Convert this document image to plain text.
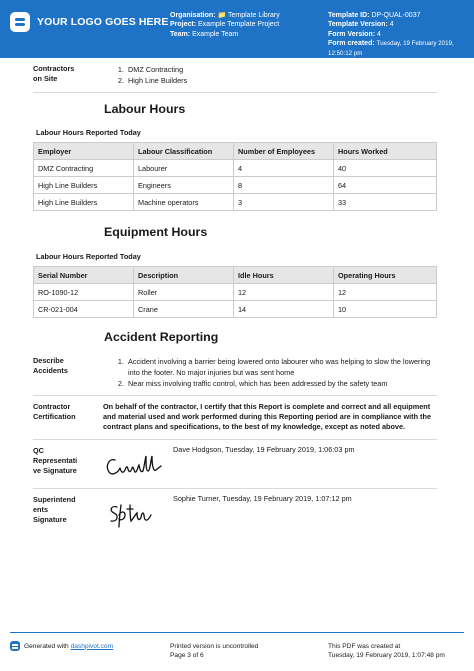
YOUR LOGO GOES HERE
Organisation: 📁 Template Library
Project: Example Template Project
Team: Example Team
Template ID: DP-QUAL-0037
Template Version: 4
Form Version: 4
Form created: Tuesday, 19 February 2019,
12:50:12 pm
Contractors
on Site
1. DMZ Contracting
2. High Line Builders
Labour Hours
Labour Hours Reported Today
Employer	Labour Classification	Number of Employees	Hours Worked
DMZ Contracting	Labourer	4	40
High Line Builders	Engineers	8	64
High Line Builders	Machine operators	3	33
Equipment Hours
Labour Hours Reported Today
Serial Number	Description	Idle Hours	Operating Hours
RO-1090-12	Roller	12	12
CR-021-004	Crane	14	10
Accident Reporting
Describe
Accidents
1. Accident involving a barrier being lowered onto labourer who was helping to slow the lowering into the footer. No major injuries but was sent home
2. Near miss involving traffic control, which has been addressed by the safety team
Contractor
Certification
On behalf of the contractor, I certify that this Report is complete and correct and all equipment and material used and work performed during this Reporting period are in compliance with the contract plans and specifications, to the best of my knowledge, except as noted above.
QC
Representati
ve Signature
Dave Hodgson, Tuesday, 19 February 2019, 1:06:03 pm
Superintend
ents
Signature
Sophie Turner, Tuesday, 19 February 2019, 1:07:12 pm
Generated with
dashpivot.com	Printed version is uncontrolled
Page 3 of 6
This PDF was created at
Tuesday, 19 February 2019, 1:07:48 pm
